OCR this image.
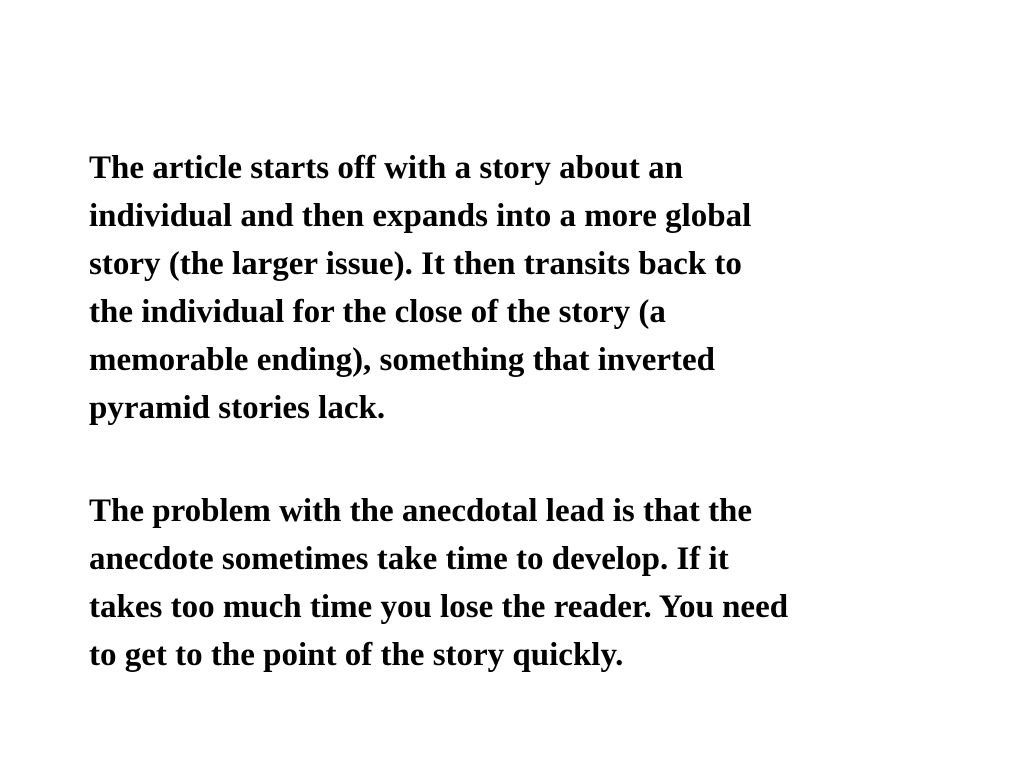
The article starts off with a story about an
individual and then expands into a more global
story (the larger issue). It then transits back to
the individual for the close of the story (a
memorable ending), something that inverted
pyramid stories lack.

The problem with the anecdotal lead is that the
anecdote sometimes take time to develop. If it
takes too much time you lose the reader. You need
to get to the point of the story quickly.
